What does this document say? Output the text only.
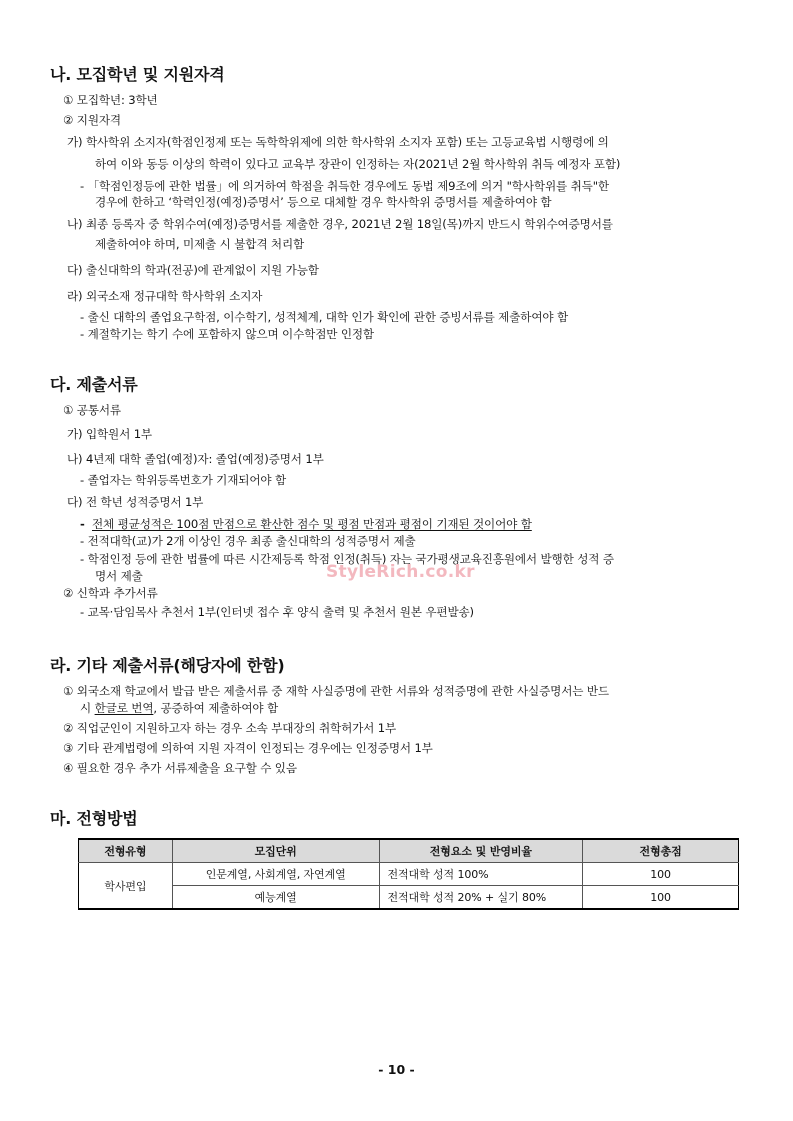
나. 모집학년 및 지원자격
① 모집학년: 3학년
② 지원자격
가) 학사학위 소지자(학점인정제 또는 독학학위제에 의한 학사학위 소지자 포함) 또는 고등교육법 시행령에 의
하여 이와 동등 이상의 학력이 있다고 교육부 장관이 인정하는 자(2021년 2월 학사학위 취득 예정자 포함)
- 「학점인정등에 관한 법률」에 의거하여 학점을 취득한 경우에도 동법 제9조에 의거 "학사학위를 취득"한
경우에 한하고 ‘학력인정(예정)증명서’ 등으로 대체할 경우 학사학위 증명서를 제출하여야 함
나) 최종 등록자 중 학위수여(예정)증명서를 제출한 경우, 2021년 2월 18일(목)까지 반드시 학위수여증명서를
제출하여야 하며, 미제출 시 불합격 처리함
다) 출신대학의 학과(전공)에 관계없이 지원 가능함
라) 외국소재 정규대학 학사학위 소지자
- 출신 대학의 졸업요구학점, 이수학기, 성적체계, 대학 인가 확인에 관한 증빙서류를 제출하여야 함
- 계절학기는 학기 수에 포함하지 않으며 이수학점만 인정함
다. 제출서류
① 공통서류
가) 입학원서 1부
나) 4년제 대학 졸업(예정)자: 졸업(예정)증명서 1부
- 졸업자는 학위등록번호가 기재되어야 함
다) 전 학년 성적증명서 1부
- 전체 평균성적은 100점 만점으로 환산한 점수 및 평점 만점과 평점이 기재된 것이어야 함
- 전적대학(교)가 2개 이상인 경우 최종 출신대학의 성적증명서 제출
- 학점인정 등에 관한 법률에 따른 시간제등록 학점 인정(취득) 자는 국가평생교육진흥원에서 발행한 성적 증
명서 제출
② 신학과 추가서류
- 교목·담임목사 추천서 1부(인터넷 접수 후 양식 출력 및 추천서 원본 우편발송)
StyleRich.co.kr
라. 기타 제출서류(해당자에 한함)
① 외국소재 학교에서 발급 받은 제출서류 중 재학 사실증명에 관한 서류와 성적증명에 관한 사실증명서는 반드
시 한글로 번역, 공증하여 제출하여야 함
② 직업군인이 지원하고자 하는 경우 소속 부대장의 취학허가서 1부
③ 기타 관계법령에 의하여 지원 자격이 인정되는 경우에는 인정증명서 1부
④ 필요한 경우 추가 서류제출을 요구할 수 있음
마. 전형방법
전형유형	모집단위	전형요소 및 반영비율	전형총점
학사편입	인문계열, 사회계열, 자연계열	전적대학 성적 100%	100
	예능계열	전적대학 성적 20% + 실기 80%	100
- 10 -
